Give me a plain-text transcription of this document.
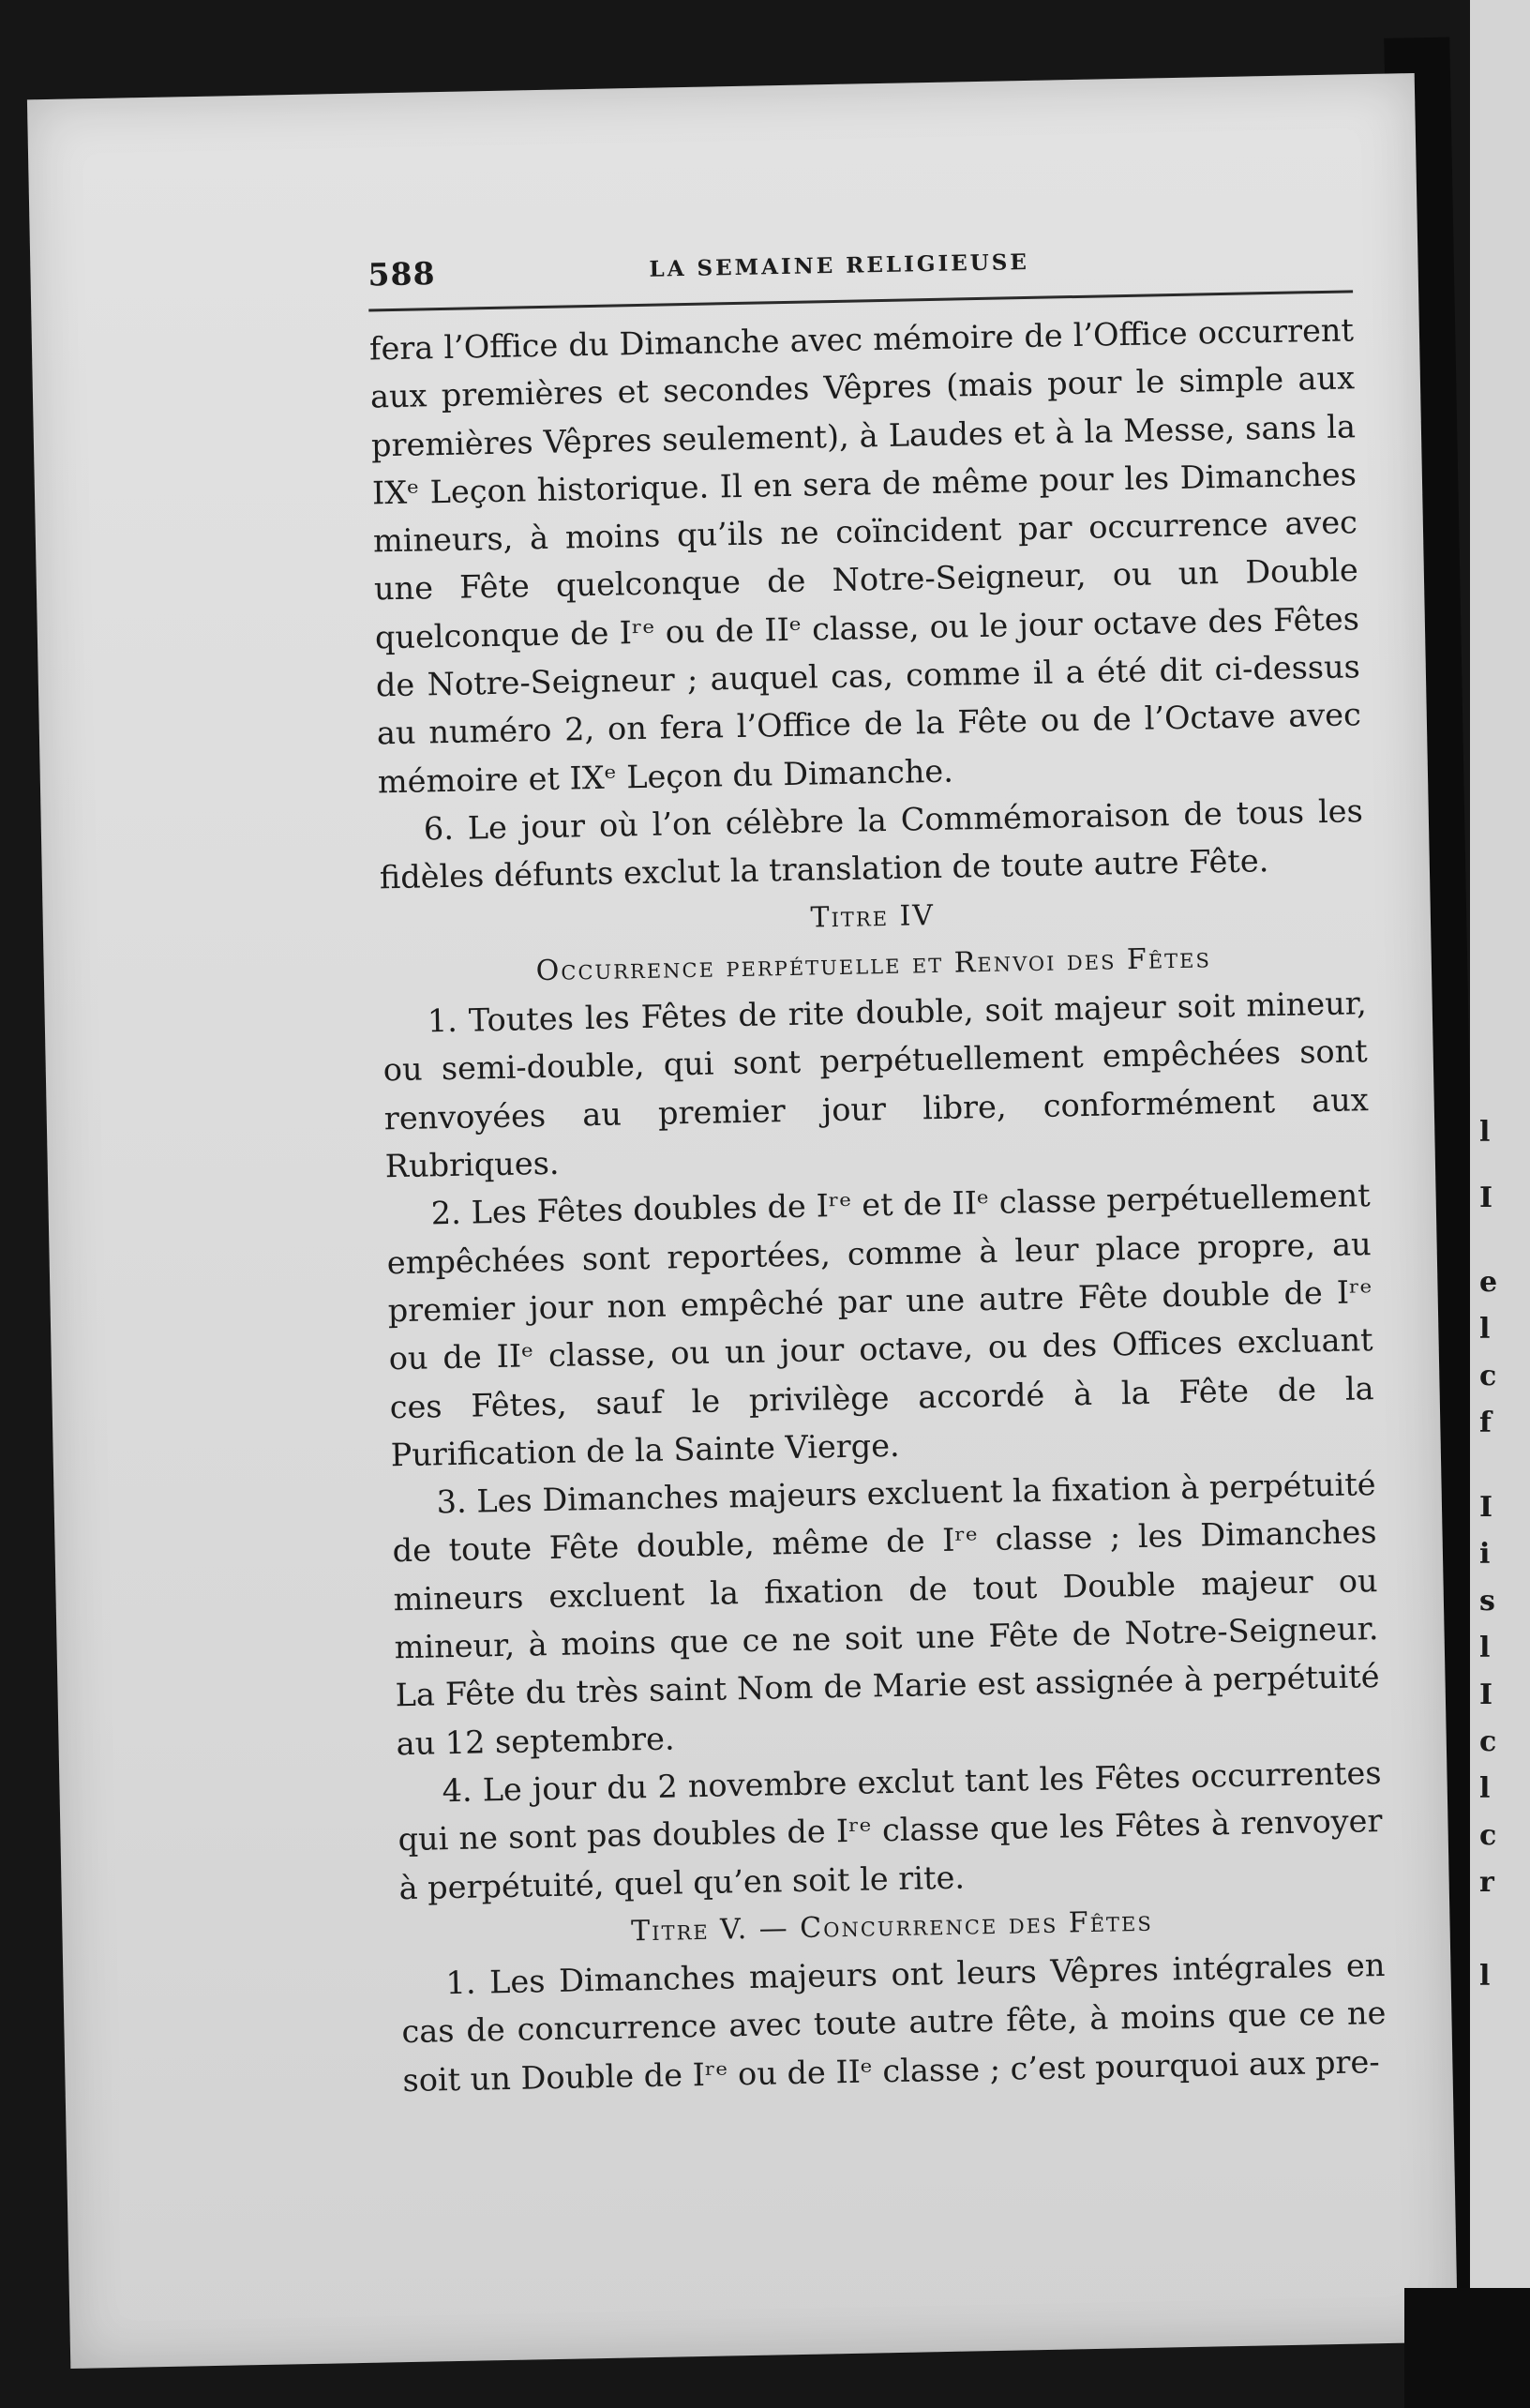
l
I
e
l
c
f
I
i
s
l
I
c
l
c
r
l
588	LA SEMAINE RELIGIEUSE

fera l’Office du Dimanche avec mémoire de l’Office occurrent aux premières et secondes Vêpres (mais pour le simple aux premières Vêpres seulement), à Laudes et à la Messe, sans la IXᵉ Leçon historique. Il en sera de même pour les Dimanches mineurs, à moins qu’ils ne coïncident par occurrence avec une Fête quelconque de Notre-Seigneur, ou un Double quelconque de Iʳᵉ ou de IIᵉ classe, ou le jour octave des Fêtes de Notre-Seigneur ; auquel cas, comme il a été dit ci-dessus au numéro 2, on fera l’Office de la Fête ou de l’Octave avec mémoire et IXᵉ Leçon du Dimanche.

6. Le jour où l’on célèbre la Commémoraison de tous les fidèles défunts exclut la translation de toute autre Fête.

Titre IV

Occurrence perpétuelle et Renvoi des Fêtes

1. Toutes les Fêtes de rite double, soit majeur soit mineur, ou semi-double, qui sont perpétuellement empêchées sont renvoyées au premier jour libre, conformément aux Rubriques.

2. Les Fêtes doubles de Iʳᵉ et de IIᵉ classe perpétuellement empêchées sont reportées, comme à leur place propre, au premier jour non empêché par une autre Fête double de Iʳᵉ ou de IIᵉ classe, ou un jour octave, ou des Offices excluant ces Fêtes, sauf le privilège accordé à la Fête de la Purification de la Sainte Vierge.

3. Les Dimanches majeurs excluent la fixation à perpétuité de toute Fête double, même de Iʳᵉ classe ; les Dimanches mineurs excluent la fixation de tout Double majeur ou mineur, à moins que ce ne soit une Fête de Notre-Seigneur. La Fête du très saint Nom de Marie est assignée à perpétuité au 12 septembre.

4. Le jour du 2 novembre exclut tant les Fêtes occurrentes qui ne sont pas doubles de Iʳᵉ classe que les Fêtes à renvoyer à perpétuité, quel qu’en soit le rite.

Titre V. — Concurrence des Fêtes

1. Les Dimanches majeurs ont leurs Vêpres intégrales en cas de concurrence avec toute autre fête, à moins que ce ne soit un Double de Iʳᵉ ou de IIᵉ classe ; c’est pourquoi aux pre-
